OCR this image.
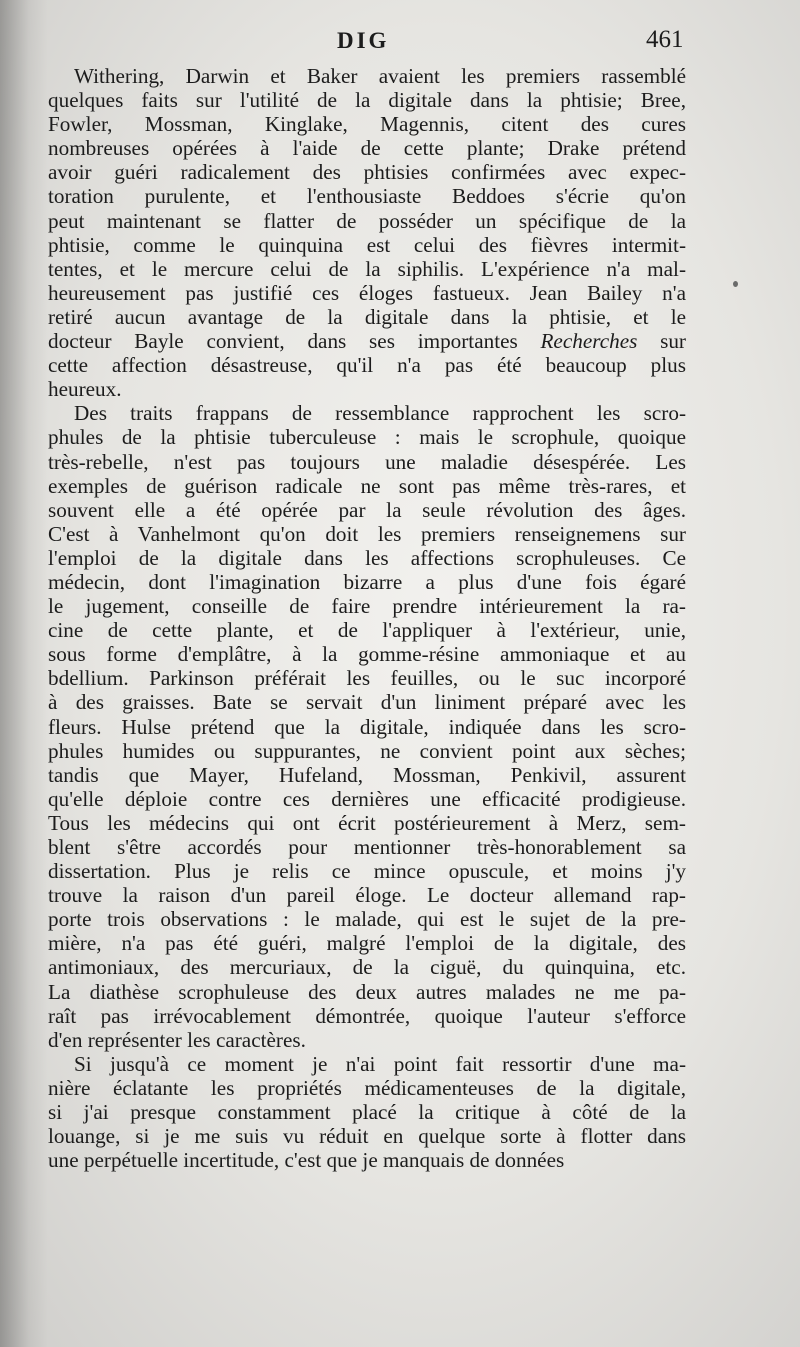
DIG	461
Withering, Darwin et Baker avaient les premiers rassemblé
quelques faits sur l'utilité de la digitale dans la phtisie; Bree,
Fowler, Mossman, Kinglake, Magennis, citent des cures
nombreuses opérées à l'aide de cette plante; Drake prétend
avoir guéri radicalement des phtisies confirmées avec expec-
toration purulente, et l'enthousiaste Beddoes s'écrie qu'on
peut maintenant se flatter de posséder un spécifique de la
phtisie, comme le quinquina est celui des fièvres intermit-
tentes, et le mercure celui de la siphilis. L'expérience n'a mal-
heureusement pas justifié ces éloges fastueux. Jean Bailey n'a
retiré aucun avantage de la digitale dans la phtisie, et le
docteur Bayle convient, dans ses importantes Recherches sur
cette affection désastreuse, qu'il n'a pas été beaucoup plus
heureux.
Des traits frappans de ressemblance rapprochent les scro-
phules de la phtisie tuberculeuse : mais le scrophule, quoique
très-rebelle, n'est pas toujours une maladie désespérée. Les
exemples de guérison radicale ne sont pas même très-rares, et
souvent elle a été opérée par la seule révolution des âges.
C'est à Vanhelmont qu'on doit les premiers renseignemens sur
l'emploi de la digitale dans les affections scrophuleuses. Ce
médecin, dont l'imagination bizarre a plus d'une fois égaré
le jugement, conseille de faire prendre intérieurement la ra-
cine de cette plante, et de l'appliquer à l'extérieur, unie,
sous forme d'emplâtre, à la gomme-résine ammoniaque et au
bdellium. Parkinson préférait les feuilles, ou le suc incorporé
à des graisses. Bate se servait d'un liniment préparé avec les
fleurs. Hulse prétend que la digitale, indiquée dans les scro-
phules humides ou suppurantes, ne convient point aux sèches;
tandis que Mayer, Hufeland, Mossman, Penkivil, assurent
qu'elle déploie contre ces dernières une efficacité prodigieuse.
Tous les médecins qui ont écrit postérieurement à Merz, sem-
blent s'être accordés pour mentionner très-honorablement sa
dissertation. Plus je relis ce mince opuscule, et moins j'y
trouve la raison d'un pareil éloge. Le docteur allemand rap-
porte trois observations : le malade, qui est le sujet de la pre-
mière, n'a pas été guéri, malgré l'emploi de la digitale, des
antimoniaux, des mercuriaux, de la ciguë, du quinquina, etc.
La diathèse scrophuleuse des deux autres malades ne me pa-
raît pas irrévocablement démontrée, quoique l'auteur s'efforce
d'en représenter les caractères.
Si jusqu'à ce moment je n'ai point fait ressortir d'une ma-
nière éclatante les propriétés médicamenteuses de la digitale,
si j'ai presque constamment placé la critique à côté de la
louange, si je me suis vu réduit en quelque sorte à flotter dans
une perpétuelle incertitude, c'est que je manquais de données
